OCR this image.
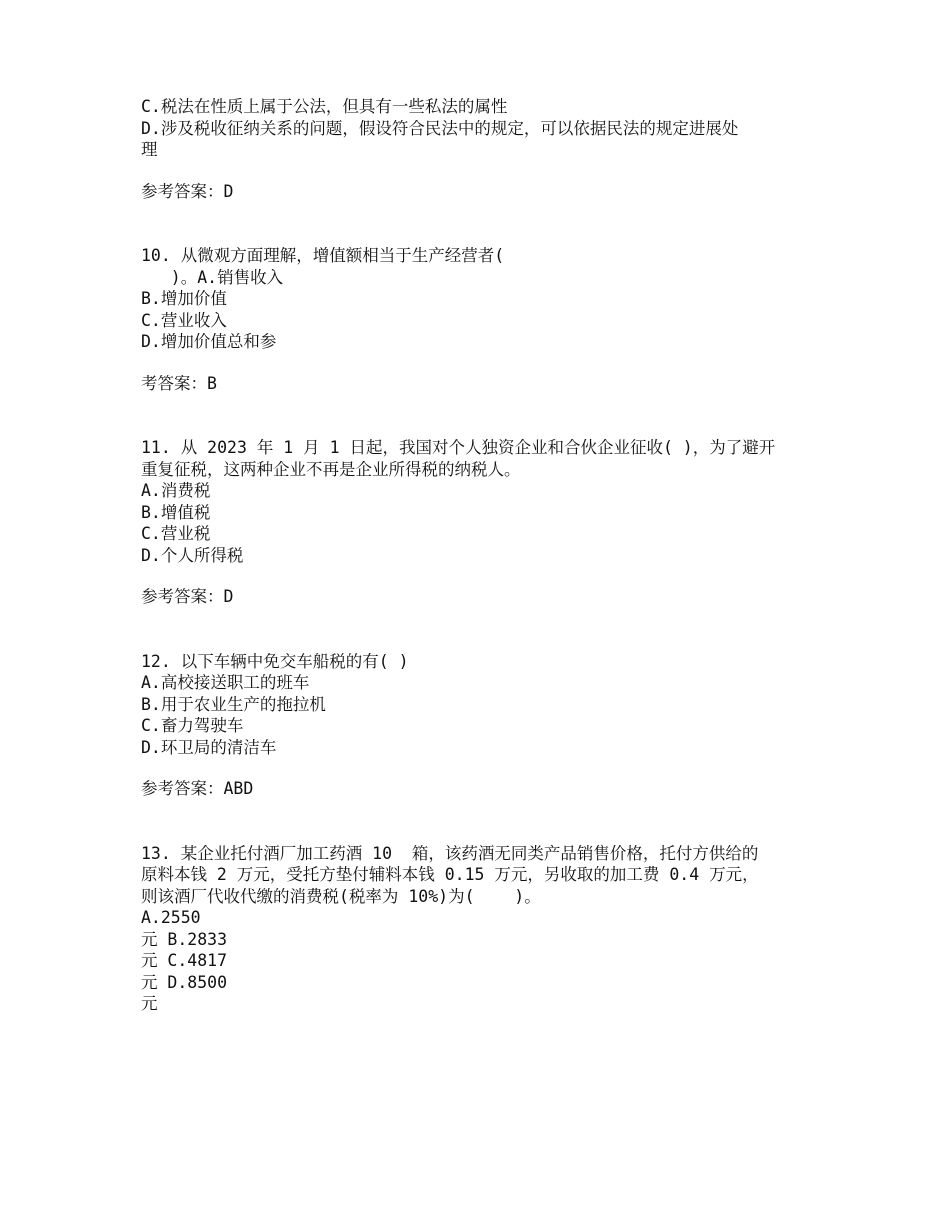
C.税法在性质上属于公法，但具有一些私法的属性

D.涉及税收征纳关系的问题，假设符合民法中的规定，可以依据民法的规定进展处

理

参考答案：D

10. 从微观方面理解，增值额相当于生产经营者(

)。A.销售收入

B.增加价值

C.营业收入

D.增加价值总和参

考答案：B

11. 从 2023 年 1 月 1 日起，我国对个人独资企业和合伙企业征收( )，为了避开

重复征税，这两种企业不再是企业所得税的纳税人。

A.消费税

B.增值税

C.营业税

D.个人所得税

参考答案：D

12. 以下车辆中免交车船税的有( )

A.高校接送职工的班车

B.用于农业生产的拖拉机

C.畜力驾驶车

D.环卫局的清洁车

参考答案：ABD

13. 某企业托付酒厂加工药酒 10  箱，该药酒无同类产品销售价格，托付方供给的

原料本钱 2 万元，受托方垫付辅料本钱 0.15 万元，另收取的加工费 0.4 万元，

则该酒厂代收代缴的消费税(税率为 10%)为(    )。

A.2550

元 B.2833

元 C.4817

元 D.8500

元
